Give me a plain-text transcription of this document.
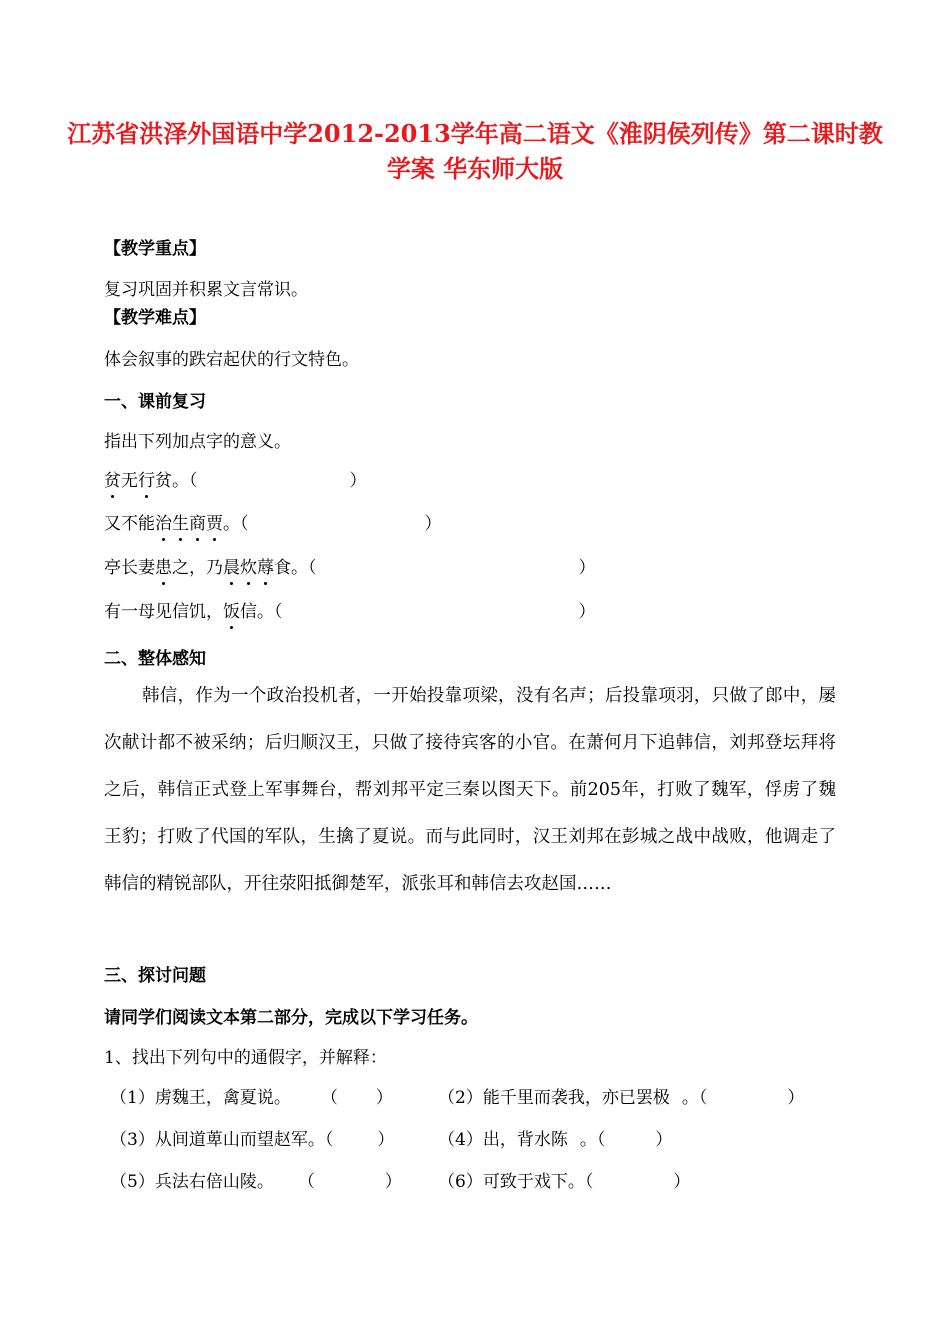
江苏省洪泽外国语中学2012-2013学年高二语文《淮阴侯列传》第二课时教学案 华东师大版
【教学重点】
复习巩固并积累文言常识。
【教学难点】
体会叙事的跌宕起伏的行文特色。
一、课前复习
指出下列加点字的意义。
贫无行贫。（	）
又不能治生商贾。（	）
亭长妻患之，乃晨炊蓐食。（	）
有一母见信饥，饭信。（	）
二、整体感知
韩信，作为一个政治投机者，一开始投靠项梁，没有名声；后投靠项羽，只做了郎中，屡次献计都不被采纳；后归顺汉王，只做了接待宾客的小官。在萧何月下追韩信，刘邦登坛拜将之后，韩信正式登上军事舞台，帮刘邦平定三秦以图天下。前205年，打败了魏军，俘虏了魏王豹；打败了代国的军队，生擒了夏说。而与此同时，汉王刘邦在彭城之战中战败，他调走了韩信的精锐部队，开往荥阳抵御楚军，派张耳和韩信去攻赵国……
三、探讨问题
请同学们阅读文本第二部分，完成以下学习任务。
1、找出下列句中的通假字，并解释：
（1）虏魏王，禽夏说。 （ ）	（2）能千里而袭我，亦已罢极 。（	）
（3）从间道萆山而望赵军。（	）	（4）出，背水陈 。（	）
（5）兵法右倍山陵。 （	） （6）可致于戏下。（	）
